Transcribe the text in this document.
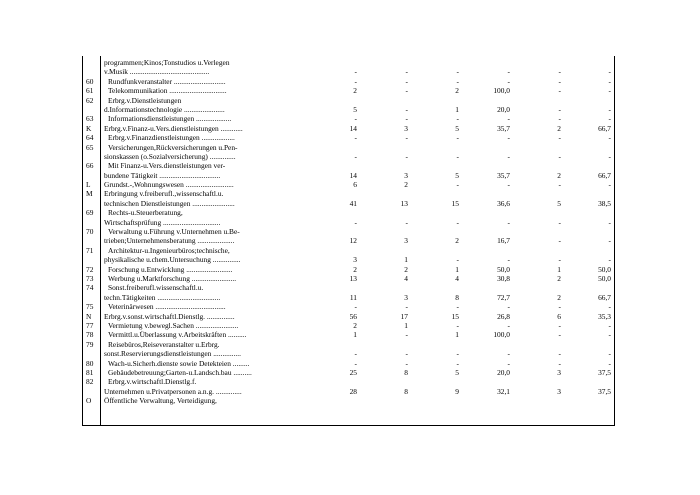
programmen;Kinos;Tonstudios u.Verlegen
v.Musik ...........................................	-	-	-	-	-	-
60 Rundfunkveranstalter ............................	-	-	-	-	-	-
61 Telekommunikation ...............................	2	-	2	100,0	-	-
62 Erbrg.v.Dienstleistungen
d.Informationstechnologie ......................	5	-	1	20,0	-	-
63 Informationsdienstleistungen ...................	-	-	-	-	-	-
K Erbrg.v.Finanz-u.Vers.dienstleistungen ............	14	3	5	35,7	2	66,7
64 Erbrg.v.Finanzdienstleistungen ..................	-	-	-	-	-	-
65 Versicherungen,Rückversicherungen u.Pen-
sionskassen (o.Sozialversicherung) ..............	-	-	-	-	-	-
66 Mit Finanz-u.Vers.dienstleistungen ver-
bundene Tätigkeit .................................	14	3	5	35,7	2	66,7
L Grundst.-,Wohnungswesen ..........................	6	2	-	-	-	-
M Erbringung v.freiberufl.,wissenschaftl.u.
technischen Dienstleistungen .......................	41	13	15	36,6	5	38,5
69 Rechts-u.Steuerberatung,
Wirtschaftsprüfung ...............................	-	-	-	-	-	-
70 Verwaltung u.Führung v.Unternehmen u.Be-
trieben;Unternehmensberatung ....................	12	3	2	16,7	-	-
71 Architektur-u.Ingenieurbüros;technische,
physikalische u.chem.Untersuchung ...............	3	1	-	-	-	-
72 Forschung u.Entwicklung .........................	2	2	1	50,0	1	50,0
73 Werbung u.Marktforschung ........................	13	4	4	30,8	2	50,0
74 Sonst.freiberufl.wissenschaftl.u.
techn.Tätigkeiten ..................................	11	3	8	72,7	2	66,7
75 Veterinärwesen ......................................	-	-	-	-	-	-
N Erbrg.v.sonst.wirtschaftl.Dienstlg. ...............	56	17	15	26,8	6	35,3
77 Vermietung v.bewegl.Sachen .......................	2	1	-	-	-	-
78 Vermittl.u.Überlassung v.Arbeitskräften ..........	1	-	1	100,0	-	-
79 Reisebüros,Reiseveranstalter u.Erbrg.
sonst.Reservierungsdienstleistungen ...............	-	-	-	-	-	-
80 Wach-u.Sicherh.dienste sowie Detekteien .........	-	-	-	-	-	-
81 Gebäudebetreuung;Garten-u.Landsch.bau ..........	25	8	5	20,0	3	37,5
82 Erbrg.v.wirtschaftl.Dienstlg.f.
Unternehmen u.Privatpersonen a.n.g. ..............	28	8	9	32,1	3	37,5
O Öffentliche Verwaltung, Verteidigung,
